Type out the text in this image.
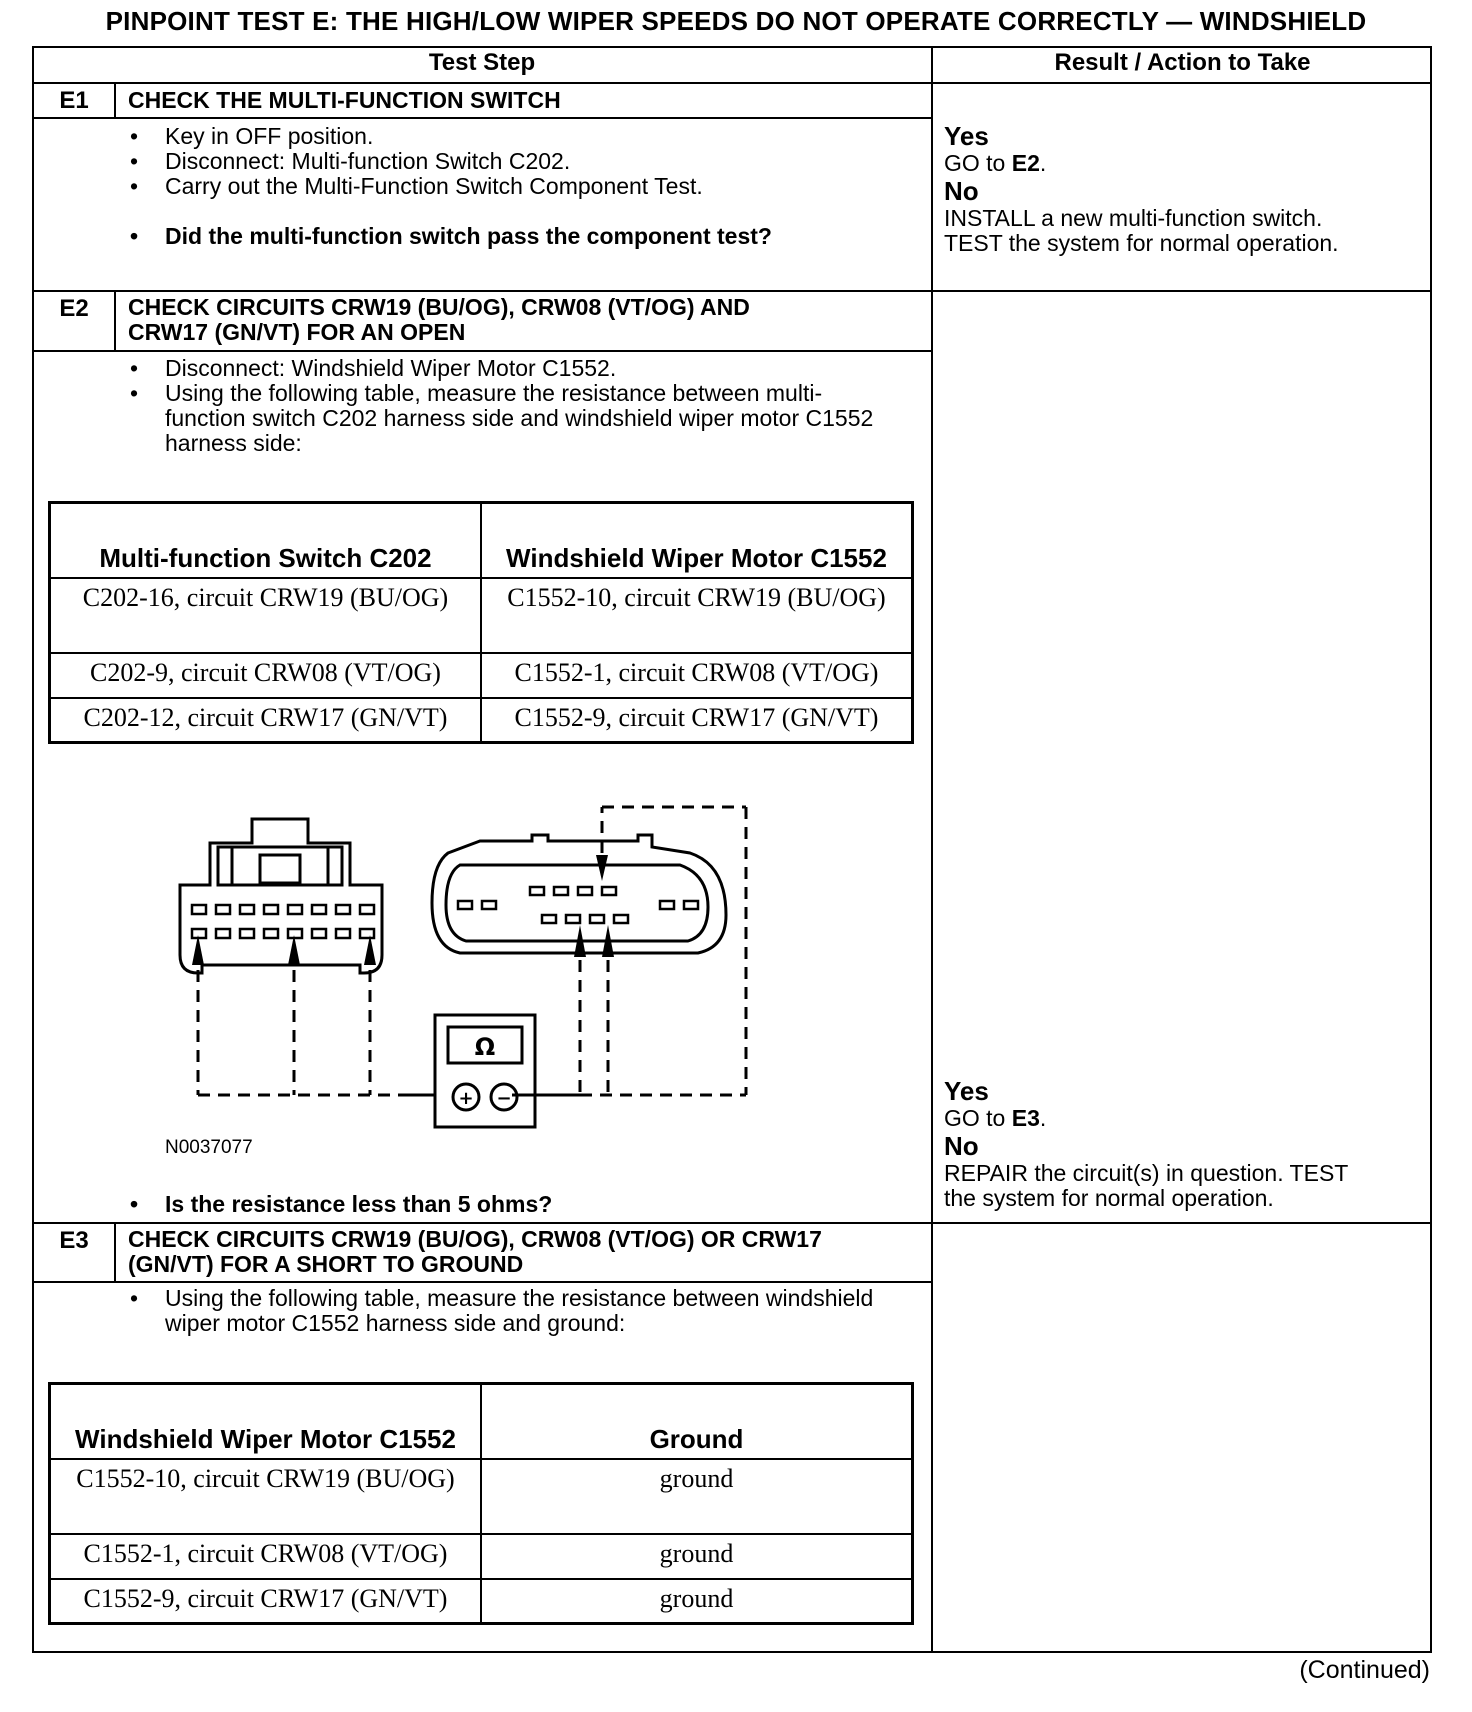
PINPOINT TEST E: THE HIGH/LOW WIPER SPEEDS DO NOT OPERATE CORRECTLY — WINDSHIELD
Test Step	Result / Action to Take
E1	CHECK THE MULTI-FUNCTION SWITCH
• Key in OFF position.
• Disconnect: Multi-function Switch C202.
• Carry out the Multi-Function Switch Component Test.
• Did the multi-function switch pass the component test?
Yes
GO to E2.
No
INSTALL a new multi-function switch.
TEST the system for normal operation.
E2	CHECK CIRCUITS CRW19 (BU/OG), CRW08 (VT/OG) AND
CRW17 (GN/VT) FOR AN OPEN
• Disconnect: Windshield Wiper Motor C1552.
• Using the following table, measure the resistance between multi-function switch C202 harness side and windshield wiper motor C1552 harness side:
Multi-function Switch C202	Windshield Wiper Motor C1552
C202-16, circuit CRW19 (BU/OG)	C1552-10, circuit CRW19 (BU/OG)
C202-9, circuit CRW08 (VT/OG)	C1552-1, circuit CRW08 (VT/OG)
C202-12, circuit CRW17 (GN/VT)	C1552-9, circuit CRW17 (GN/VT)
Ω
+ −
N0037077
• Is the resistance less than 5 ohms?
Yes
GO to E3.
No
REPAIR the circuit(s) in question. TEST
the system for normal operation.
E3	CHECK CIRCUITS CRW19 (BU/OG), CRW08 (VT/OG) OR CRW17
(GN/VT) FOR A SHORT TO GROUND
• Using the following table, measure the resistance between windshield wiper motor C1552 harness side and ground:
Windshield Wiper Motor C1552	Ground
C1552-10, circuit CRW19 (BU/OG)	ground
C1552-1, circuit CRW08 (VT/OG)	ground
C1552-9, circuit CRW17 (GN/VT)	ground
(Continued)
